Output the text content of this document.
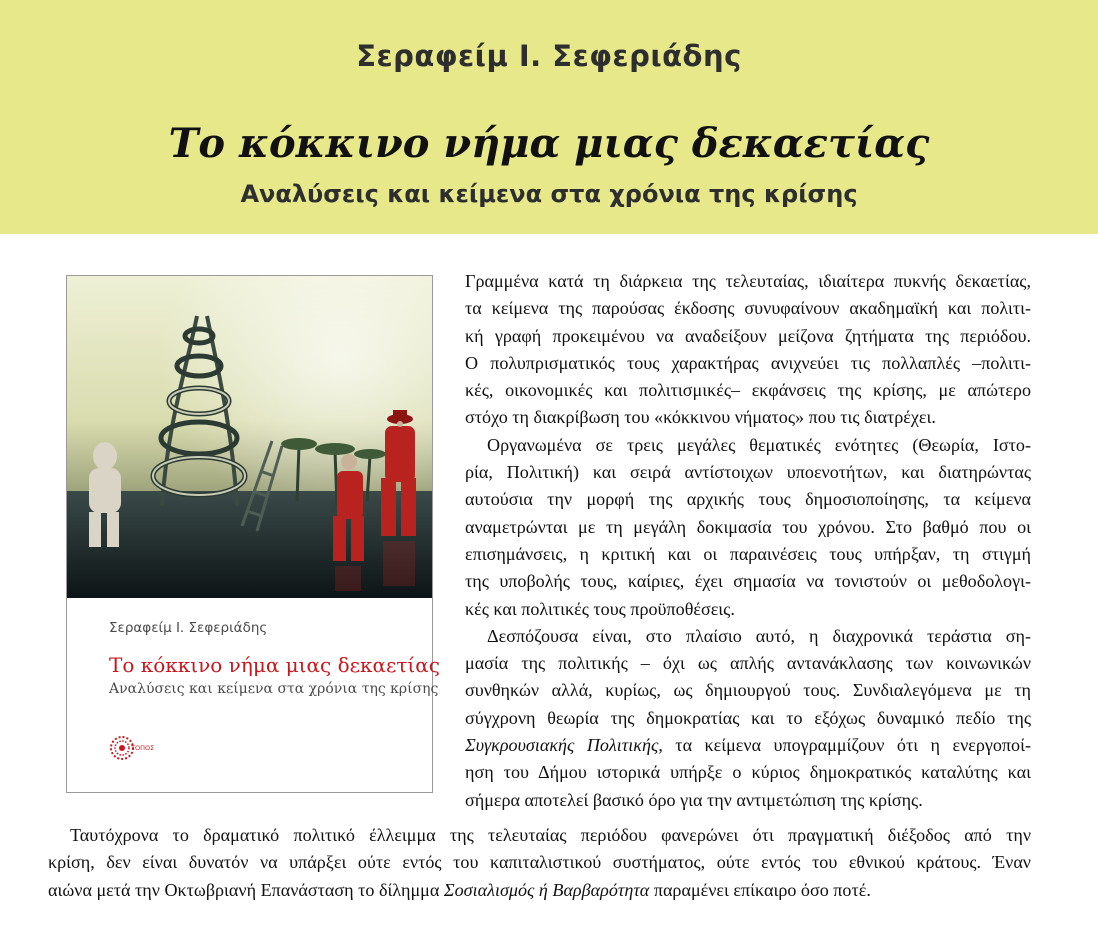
Σεραφείμ Ι. Σεφεριάδης
Το κόκκινο νήμα μιας δεκαετίας
Αναλύσεις και κείμενα στα χρόνια της κρίσης
Σεραφείμ Ι. Σεφεριάδης
Το κόκκινο νήμα μιας δεκαετίας
Αναλύσεις και κείμενα στα χρόνια της κρίσης
ΤΟΠΟΣ

Γραμμένα κατά τη διάρκεια της τελευταίας, ιδιαίτερα πυκνής δεκαετίας,
τα κείμενα της παρούσας έκδοσης συνυφαίνουν ακαδημαϊκή και πολιτι-
κή γραφή προκειμένου να αναδείξουν μείζονα ζητήματα της περιόδου.
Ο πολυπρισματικός τους χαρακτήρας ανιχνεύει τις πολλαπλές –πολιτι-
κές, οικονομικές και πολιτισμικές– εκφάνσεις της κρίσης, με απώτερο
στόχο τη διακρίβωση του «κόκκινου νήματος» που τις διατρέχει.

Οργανωμένα σε τρεις μεγάλες θεματικές ενότητες (Θεωρία, Ιστο-
ρία, Πολιτική) και σειρά αντίστοιχων υποενοτήτων, και διατηρώντας
αυτούσια την μορφή της αρχικής τους δημοσιοποίησης, τα κείμενα
αναμετρώνται με τη μεγάλη δοκιμασία του χρόνου. Στο βαθμό που οι
επισημάνσεις, η κριτική και οι παραινέσεις τους υπήρξαν, τη στιγμή
της υποβολής τους, καίριες, έχει σημασία να τονιστούν οι μεθοδολογι-
κές και πολιτικές τους προϋποθέσεις.

Δεσπόζουσα είναι, στο πλαίσιο αυτό, η διαχρονικά τεράστια ση-
μασία της πολιτικής – όχι ως απλής αντανάκλασης των κοινωνικών
συνθηκών αλλά, κυρίως, ως δημιουργού τους. Συνδιαλεγόμενα με τη
σύγχρονη θεωρία της δημοκρατίας και το εξόχως δυναμικό πεδίο της
Συγκρουσιακής Πολιτικής, τα κείμενα υπογραμμίζουν ότι η ενεργοποί-
ηση του Δήμου ιστορικά υπήρξε ο κύριος δημοκρατικός καταλύτης και
σήμερα αποτελεί βασικό όρο για την αντιμετώπιση της κρίσης.

Ταυτόχρονα το δραματικό πολιτικό έλλειμμα της τελευταίας περιόδου φανερώνει ότι πραγματική διέξοδος από την
κρίση, δεν είναι δυνατόν να υπάρξει ούτε εντός του καπιταλιστικού συστήματος, ούτε εντός του εθνικού κράτους. Έναν
αιώνα μετά την Οκτωβριανή Επανάσταση το δίλημμα Σοσιαλισμός ή Βαρβαρότητα παραμένει επίκαιρο όσο ποτέ.
